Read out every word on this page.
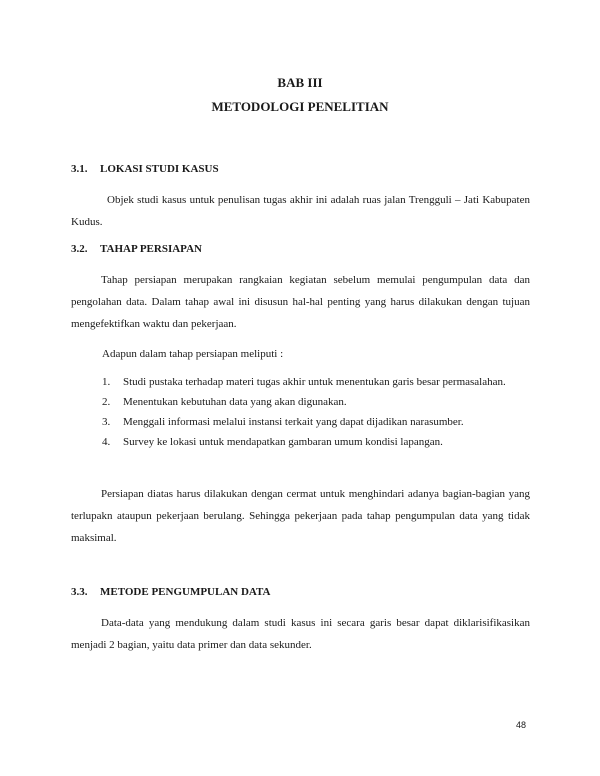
BAB III
METODOLOGI PENELITIAN
3.1. LOKASI STUDI KASUS

Objek studi kasus untuk penulisan tugas akhir ini adalah ruas jalan Trengguli – Jati Kabupaten Kudus.

3.2. TAHAP PERSIAPAN

Tahap persiapan merupakan rangkaian kegiatan sebelum memulai pengumpulan data dan pengolahan data. Dalam tahap awal ini disusun hal-hal penting yang harus dilakukan dengan tujuan mengefektifkan waktu dan pekerjaan.

Adapun dalam tahap persiapan meliputi :

1. Studi pustaka terhadap materi tugas akhir untuk menentukan garis besar permasalahan.
2. Menentukan kebutuhan data yang akan digunakan.
3. Menggali informasi melalui instansi terkait yang dapat dijadikan narasumber.
4. Survey ke lokasi untuk mendapatkan gambaran umum kondisi lapangan.

Persiapan diatas harus dilakukan dengan cermat untuk menghindari adanya bagian-bagian yang terlupakn ataupun pekerjaan berulang. Sehingga pekerjaan pada tahap pengumpulan data yang tidak maksimal.

3.3. METODE PENGUMPULAN DATA

Data-data yang mendukung dalam studi kasus ini secara garis besar dapat diklarisifikasikan menjadi 2 bagian, yaitu data primer dan data sekunder.

48
